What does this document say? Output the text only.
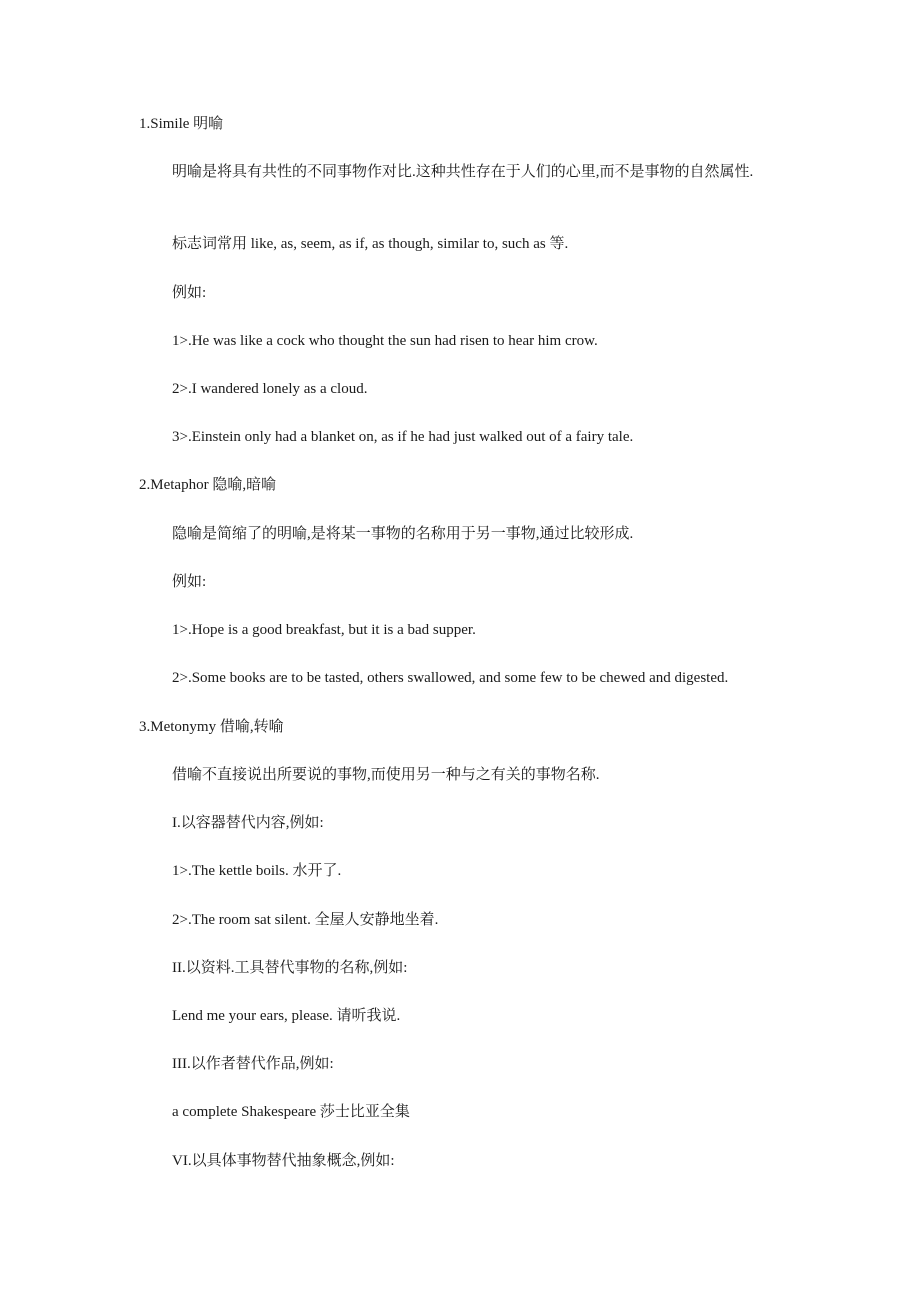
1.Simile 明喻
明喻是将具有共性的不同事物作对比.这种共性存在于人们的心里,而不是事物的自然属性.
标志词常用 like, as, seem, as if, as though, similar to, such as 等.
例如:
1>.He was like a cock who thought the sun had risen to hear him crow.
2>.I wandered lonely as a cloud.
3>.Einstein only had a blanket on, as if he had just walked out of a fairy tale.
2.Metaphor 隐喻,暗喻
隐喻是简缩了的明喻,是将某一事物的名称用于另一事物,通过比较形成.
例如:
1>.Hope is a good breakfast, but it is a bad supper.
2>.Some books are to be tasted, others swallowed, and some few to be chewed and digested.
3.Metonymy 借喻,转喻
借喻不直接说出所要说的事物,而使用另一种与之有关的事物名称.
I.以容器替代内容,例如:
1>.The kettle boils. 水开了.
2>.The room sat silent. 全屋人安静地坐着.
II.以资料.工具替代事物的名称,例如:
Lend me your ears, please. 请听我说.
III.以作者替代作品,例如:
a complete Shakespeare 莎士比亚全集
VI.以具体事物替代抽象概念,例如:
